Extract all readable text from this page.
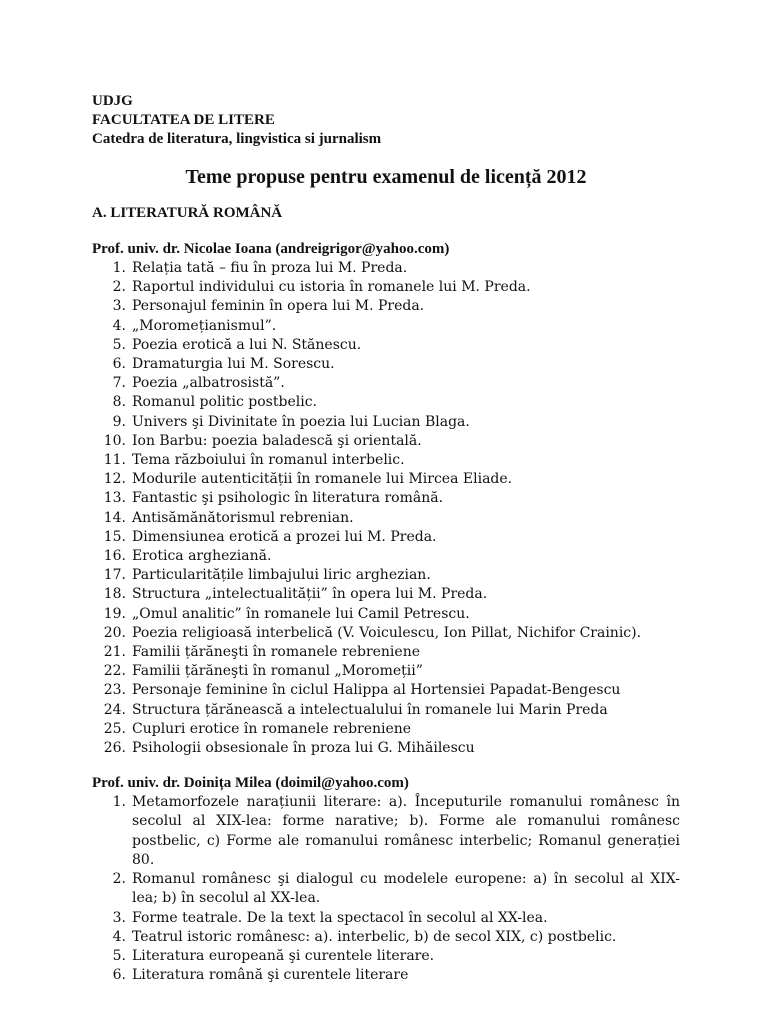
UDJG
FACULTATEA DE LITERE
Catedra de literatura, lingvistica si jurnalism
Teme propuse pentru examenul de licență 2012
A. LITERATURĂ ROMÂNĂ
Prof. univ. dr. Nicolae Ioana (andreigrigor@yahoo.com)
1. Relația tată – fiu în proza lui M. Preda.
2. Raportul individului cu istoria în romanele lui M. Preda.
3. Personajul feminin în opera lui M. Preda.
4. „Moromețianismul”.
5. Poezia erotică a lui N. Stănescu.
6. Dramaturgia lui M. Sorescu.
7. Poezia „albatrosistă”.
8. Romanul politic postbelic.
9. Univers şi Divinitate în poezia lui Lucian Blaga.
10. Ion Barbu: poezia baladescă şi orientală.
11. Tema războiului în romanul interbelic.
12. Modurile autenticității în romanele lui Mircea Eliade.
13. Fantastic şi psihologic în literatura română.
14. Antisămănătorismul rebrenian.
15. Dimensiunea erotică a prozei lui M. Preda.
16. Erotica argheziană.
17. Particularitățile limbajului liric arghezian.
18. Structura „intelectualității” în opera lui M. Preda.
19. „Omul analitic” în romanele lui Camil Petrescu.
20. Poezia religioasă interbelică (V. Voiculescu, Ion Pillat, Nichifor Crainic).
21. Familii țărăneşti în romanele rebreniene
22. Familii țărăneşti în romanul „Moromeții”
23. Personaje feminine în ciclul Halippa al Hortensiei Papadat-Bengescu
24. Structura țărănească a intelectualului în romanele lui Marin Preda
25. Cupluri erotice în romanele rebreniene
26. Psihologii obsesionale în proza lui G. Mihăilescu
Prof. univ. dr. Doinița Milea (doimil@yahoo.com)
1. Metamorfozele narațiunii literare: a). Începuturile romanului românesc în secolul al XIX-lea: forme narative; b). Forme ale romanului românesc postbelic, c) Forme ale romanului românesc interbelic; Romanul generației 80.
2. Romanul românesc şi dialogul cu modelele europene: a) în secolul al XIX-lea; b) în secolul al XX-lea.
3. Forme teatrale. De la text la spectacol în secolul al XX-lea.
4. Teatrul istoric românesc: a). interbelic, b) de secol XIX, c) postbelic.
5. Literatura europeană şi curentele literare.
6. Literatura română şi curentele literare
